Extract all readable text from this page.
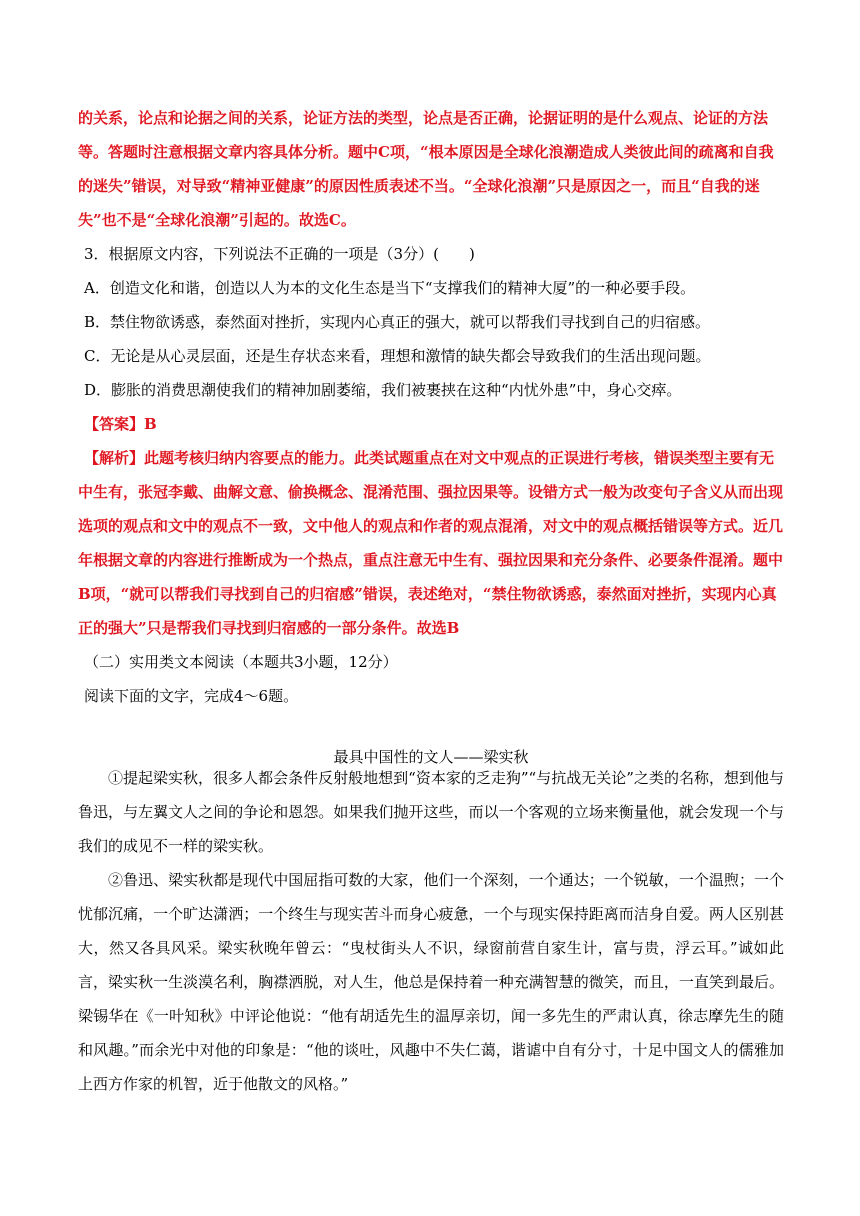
的关系，论点和论据之间的关系，论证方法的类型，论点是否正确，论据证明的是什么观点、论证的方法等。答题时注意根据文章内容具体分析。题中C项，“根本原因是全球化浪潮造成人类彼此间的疏离和自我的迷失”错误，对导致“精神亚健康”的原因性质表述不当。“全球化浪潮”只是原因之一，而且“自我的迷失”也不是“全球化浪潮”引起的。故选C。

3．根据原文内容，下列说法不正确的一项是（3分）(　　)

A．创造文化和谐，创造以人为本的文化生态是当下“支撑我们的精神大厦”的一种必要手段。

B．禁住物欲诱惑，泰然面对挫折，实现内心真正的强大，就可以帮我们寻找到自己的归宿感。

C．无论是从心灵层面，还是生存状态来看，理想和激情的缺失都会导致我们的生活出现问题。

D．膨胀的消费思潮使我们的精神加剧萎缩，我们被裹挟在这种“内忧外患”中，身心交瘁。

【答案】B

【解析】此题考核归纳内容要点的能力。此类试题重点在对文中观点的正误进行考核，错误类型主要有无中生有，张冠李戴、曲解文意、偷换概念、混淆范围、强拉因果等。设错方式一般为改变句子含义从而出现选项的观点和文中的观点不一致，文中他人的观点和作者的观点混淆，对文中的观点概括错误等方式。近几年根据文章的内容进行推断成为一个热点，重点注意无中生有、强拉因果和充分条件、必要条件混淆。题中B项，“就可以帮我们寻找到自己的归宿感”错误，表述绝对，“禁住物欲诱惑，泰然面对挫折，实现内心真正的强大”只是帮我们寻找到归宿感的一部分条件。故选B

（二）实用类文本阅读（本题共3小题，12分）

阅读下面的文字，完成4～6题。

最具中国性的文人——梁实秋

①提起梁实秋，很多人都会条件反射般地想到“资本家的乏走狗”“与抗战无关论”之类的名称，想到他与鲁迅，与左翼文人之间的争论和恩怨。如果我们抛开这些，而以一个客观的立场来衡量他，就会发现一个与我们的成见不一样的梁实秋。

②鲁迅、梁实秋都是现代中国屈指可数的大家，他们一个深刻，一个通达；一个锐敏，一个温煦；一个忧郁沉痛，一个旷达潇洒；一个终生与现实苦斗而身心疲惫，一个与现实保持距离而洁身自爱。两人区别甚大，然又各具风采。梁实秋晚年曾云：“曳杖街头人不识，绿窗前营自家生计，富与贵，浮云耳。”诚如此言，梁实秋一生淡漠名利，胸襟洒脱，对人生，他总是保持着一种充满智慧的微笑，而且，一直笑到最后。梁锡华在《一叶知秋》中评论他说：“他有胡适先生的温厚亲切，闻一多先生的严肃认真，徐志摩先生的随和风趣。”而余光中对他的印象是：“他的谈吐，风趣中不失仁蔼，谐谑中自有分寸，十足中国文人的儒雅加上西方作家的机智，近于他散文的风格。”
